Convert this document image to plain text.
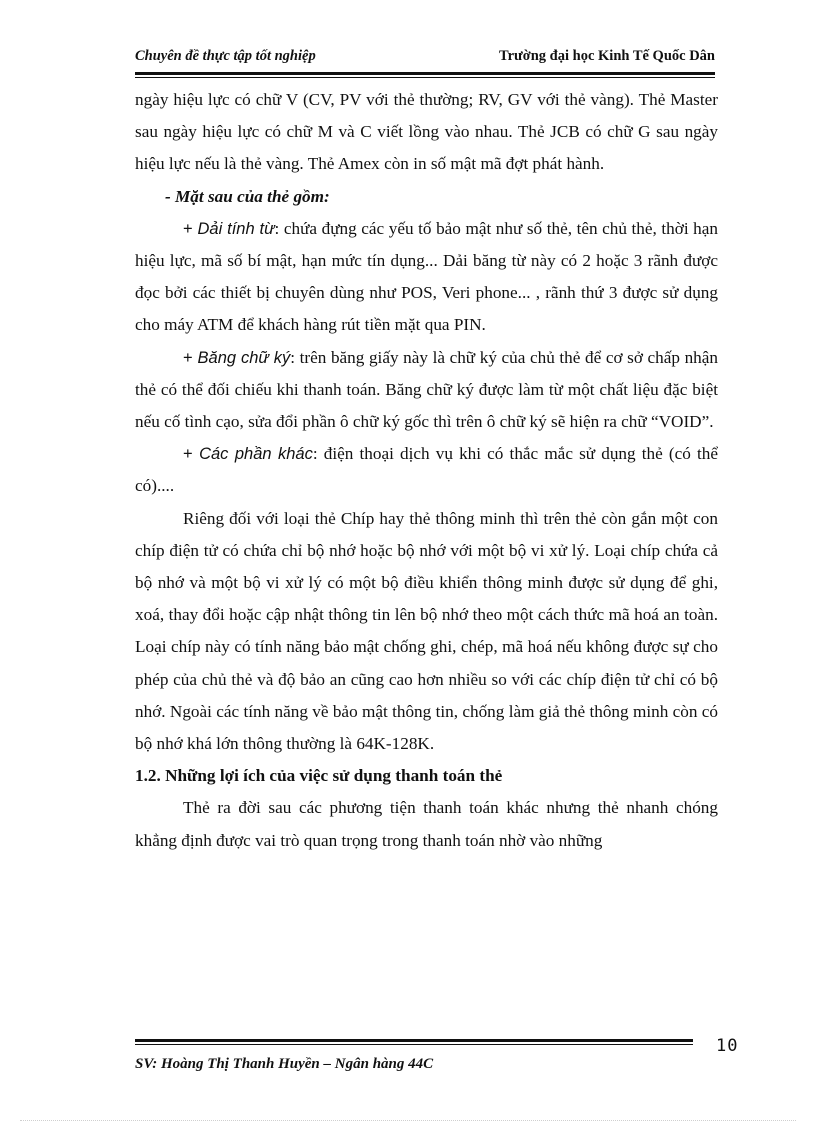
Chuyên đề thực tập tốt nghiệp	Trường đại học Kinh Tế Quốc Dân

ngày hiệu lực có chữ V (CV, PV với thẻ thường; RV, GV với thẻ vàng). Thẻ Master sau ngày hiệu lực có chữ M và C viết lồng vào nhau. Thẻ JCB có chữ G sau ngày hiệu lực nếu là thẻ vàng. Thẻ Amex còn in số mật mã đợt phát hành.

- Mặt sau của thẻ gồm:

+ Dải tính từ: chứa đựng các yếu tố bảo mật như số thẻ, tên chủ thẻ, thời hạn hiệu lực, mã số bí mật, hạn mức tín dụng... Dải băng từ này có 2 hoặc 3 rãnh được đọc bởi các thiết bị chuyên dùng như POS, Veri phone... , rãnh thứ 3 được sử dụng cho máy ATM để khách hàng rút tiền mặt qua PIN.

+ Băng chữ ký: trên băng giấy này là chữ ký của chủ thẻ để cơ sở chấp nhận thẻ có thể đối chiếu khi thanh toán. Băng chữ ký được làm từ một chất liệu đặc biệt nếu cố tình cạo, sửa đổi phần ô chữ ký gốc thì trên ô chữ ký sẽ hiện ra chữ “VOID”.

+ Các phần khác: điện thoại dịch vụ khi có thắc mắc sử dụng thẻ (có thể có)....

Riêng đối với loại thẻ Chíp hay thẻ thông minh thì trên thẻ còn gắn một con chíp điện tử có chứa chỉ bộ nhớ hoặc bộ nhớ với một bộ vi xử lý. Loại chíp chứa cả bộ nhớ và một bộ vi xử lý có một bộ điều khiển thông minh được sử dụng để ghi, xoá, thay đổi hoặc cập nhật thông tin lên bộ nhớ theo một cách thức mã hoá an toàn. Loại chíp này có tính năng bảo mật chống ghi, chép, mã hoá nếu không được sự cho phép của chủ thẻ và độ bảo an cũng cao hơn nhiều so với các chíp điện tử chỉ có bộ nhớ. Ngoài các tính năng về bảo mật thông tin, chống làm giả thẻ thông minh còn có bộ nhớ khá lớn thông thường là 64K-128K.

1.2. Những lợi ích của việc sử dụng thanh toán thẻ

Thẻ ra đời sau các phương tiện thanh toán khác nhưng thẻ nhanh chóng khẳng định được vai trò quan trọng trong thanh toán nhờ vào những

10
SV: Hoàng Thị Thanh Huyền – Ngân hàng 44C
